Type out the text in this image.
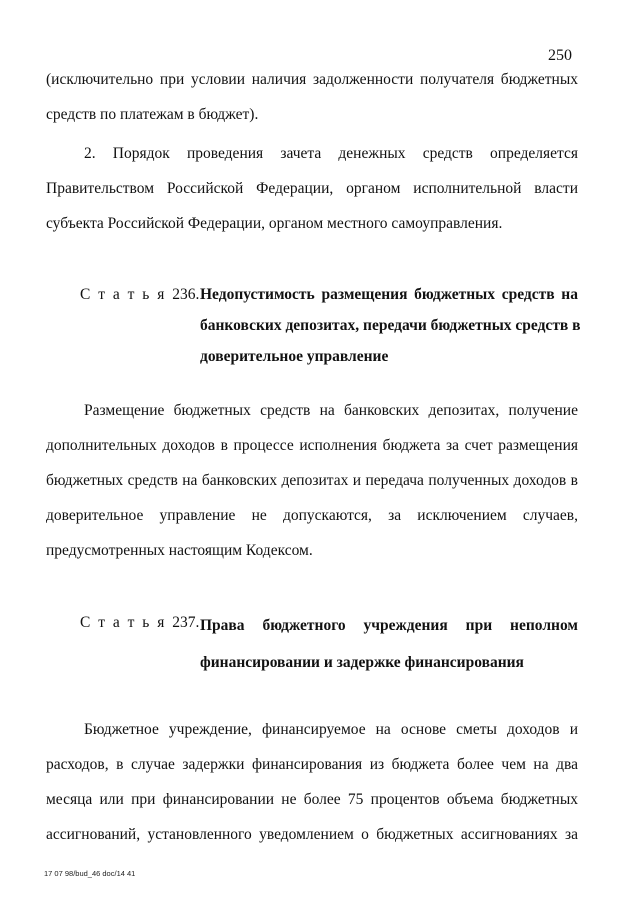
250
(исключительно при условии наличия задолженности получателя бюджетных
средств по платежам в бюджет).
2. Порядок проведения зачета денежных средств определяется
Правительством Российской Федерации, органом исполнительной власти
субъекта Российской Федерации, органом местного самоуправления.
С т а т ь я 236. Недопустимость размещения бюджетных средств на
банковских депозитах, передачи бюджетных средств в
доверительное управление
Размещение бюджетных средств на банковских депозитах, получение
дополнительных доходов в процессе исполнения бюджета за счет размещения
бюджетных средств на банковских депозитах и передача полученных доходов в
доверительное управление не допускаются, за исключением случаев,
предусмотренных настоящим Кодексом.
С т а т ь я 237. Права бюджетного учреждения при неполном
финансировании и задержке финансирования
Бюджетное учреждение, финансируемое на основе сметы доходов и
расходов, в случае задержки финансирования из бюджета более чем на два
месяца или при финансировании не более 75 процентов объема бюджетных
ассигнований, установленного уведомлением о бюджетных ассигнованиях за
17 07 98/bud_46 doc/14 41
